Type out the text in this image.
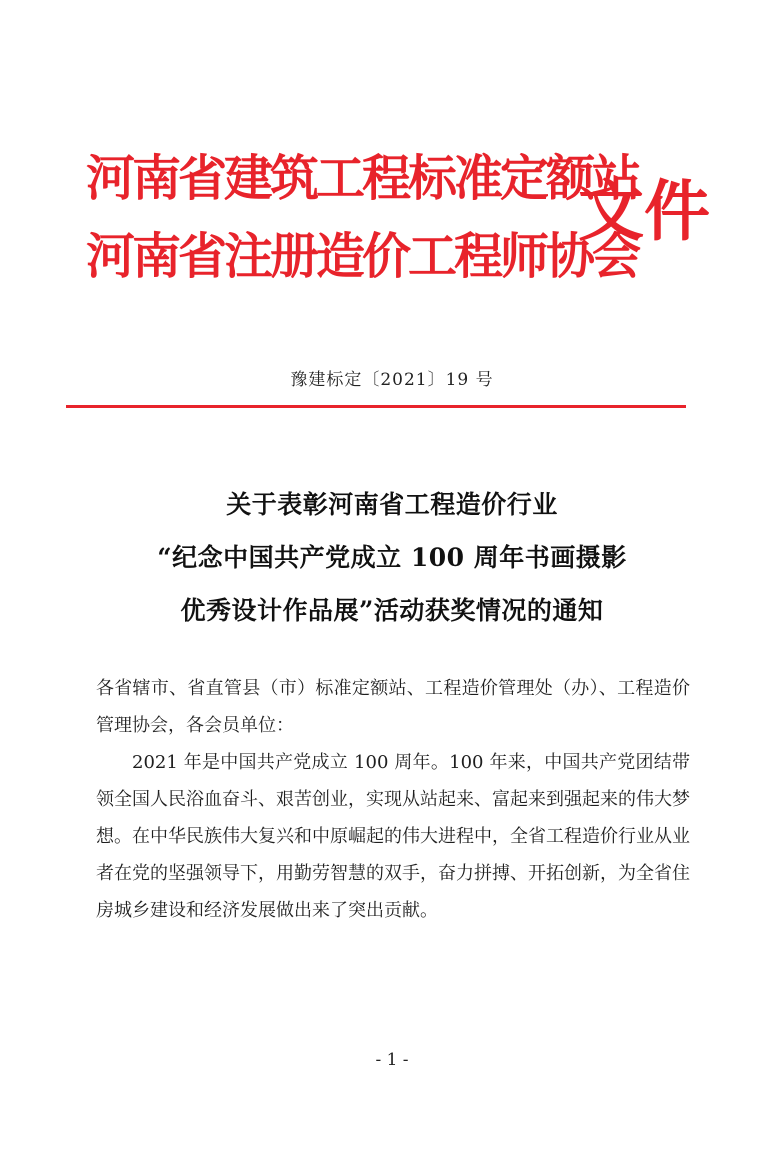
河南省建筑工程标准定额站
河南省注册造价工程师协会
文件
豫建标定〔2021〕19 号
关于表彰河南省工程造价行业
“纪念中国共产党成立 100 周年书画摄影
优秀设计作品展”活动获奖情况的通知

各省辖市、省直管县（市）标准定额站、工程造价管理处（办）、工程造价管理协会，各会员单位：

2021 年是中国共产党成立 100 周年。100 年来，中国共产党团结带领全国人民浴血奋斗、艰苦创业，实现从站起来、富起来到强起来的伟大梦想。在中华民族伟大复兴和中原崛起的伟大进程中，全省工程造价行业从业者在党的坚强领导下，用勤劳智慧的双手，奋力拼搏、开拓创新，为全省住房城乡建设和经济发展做出来了突出贡献。

- 1 -
